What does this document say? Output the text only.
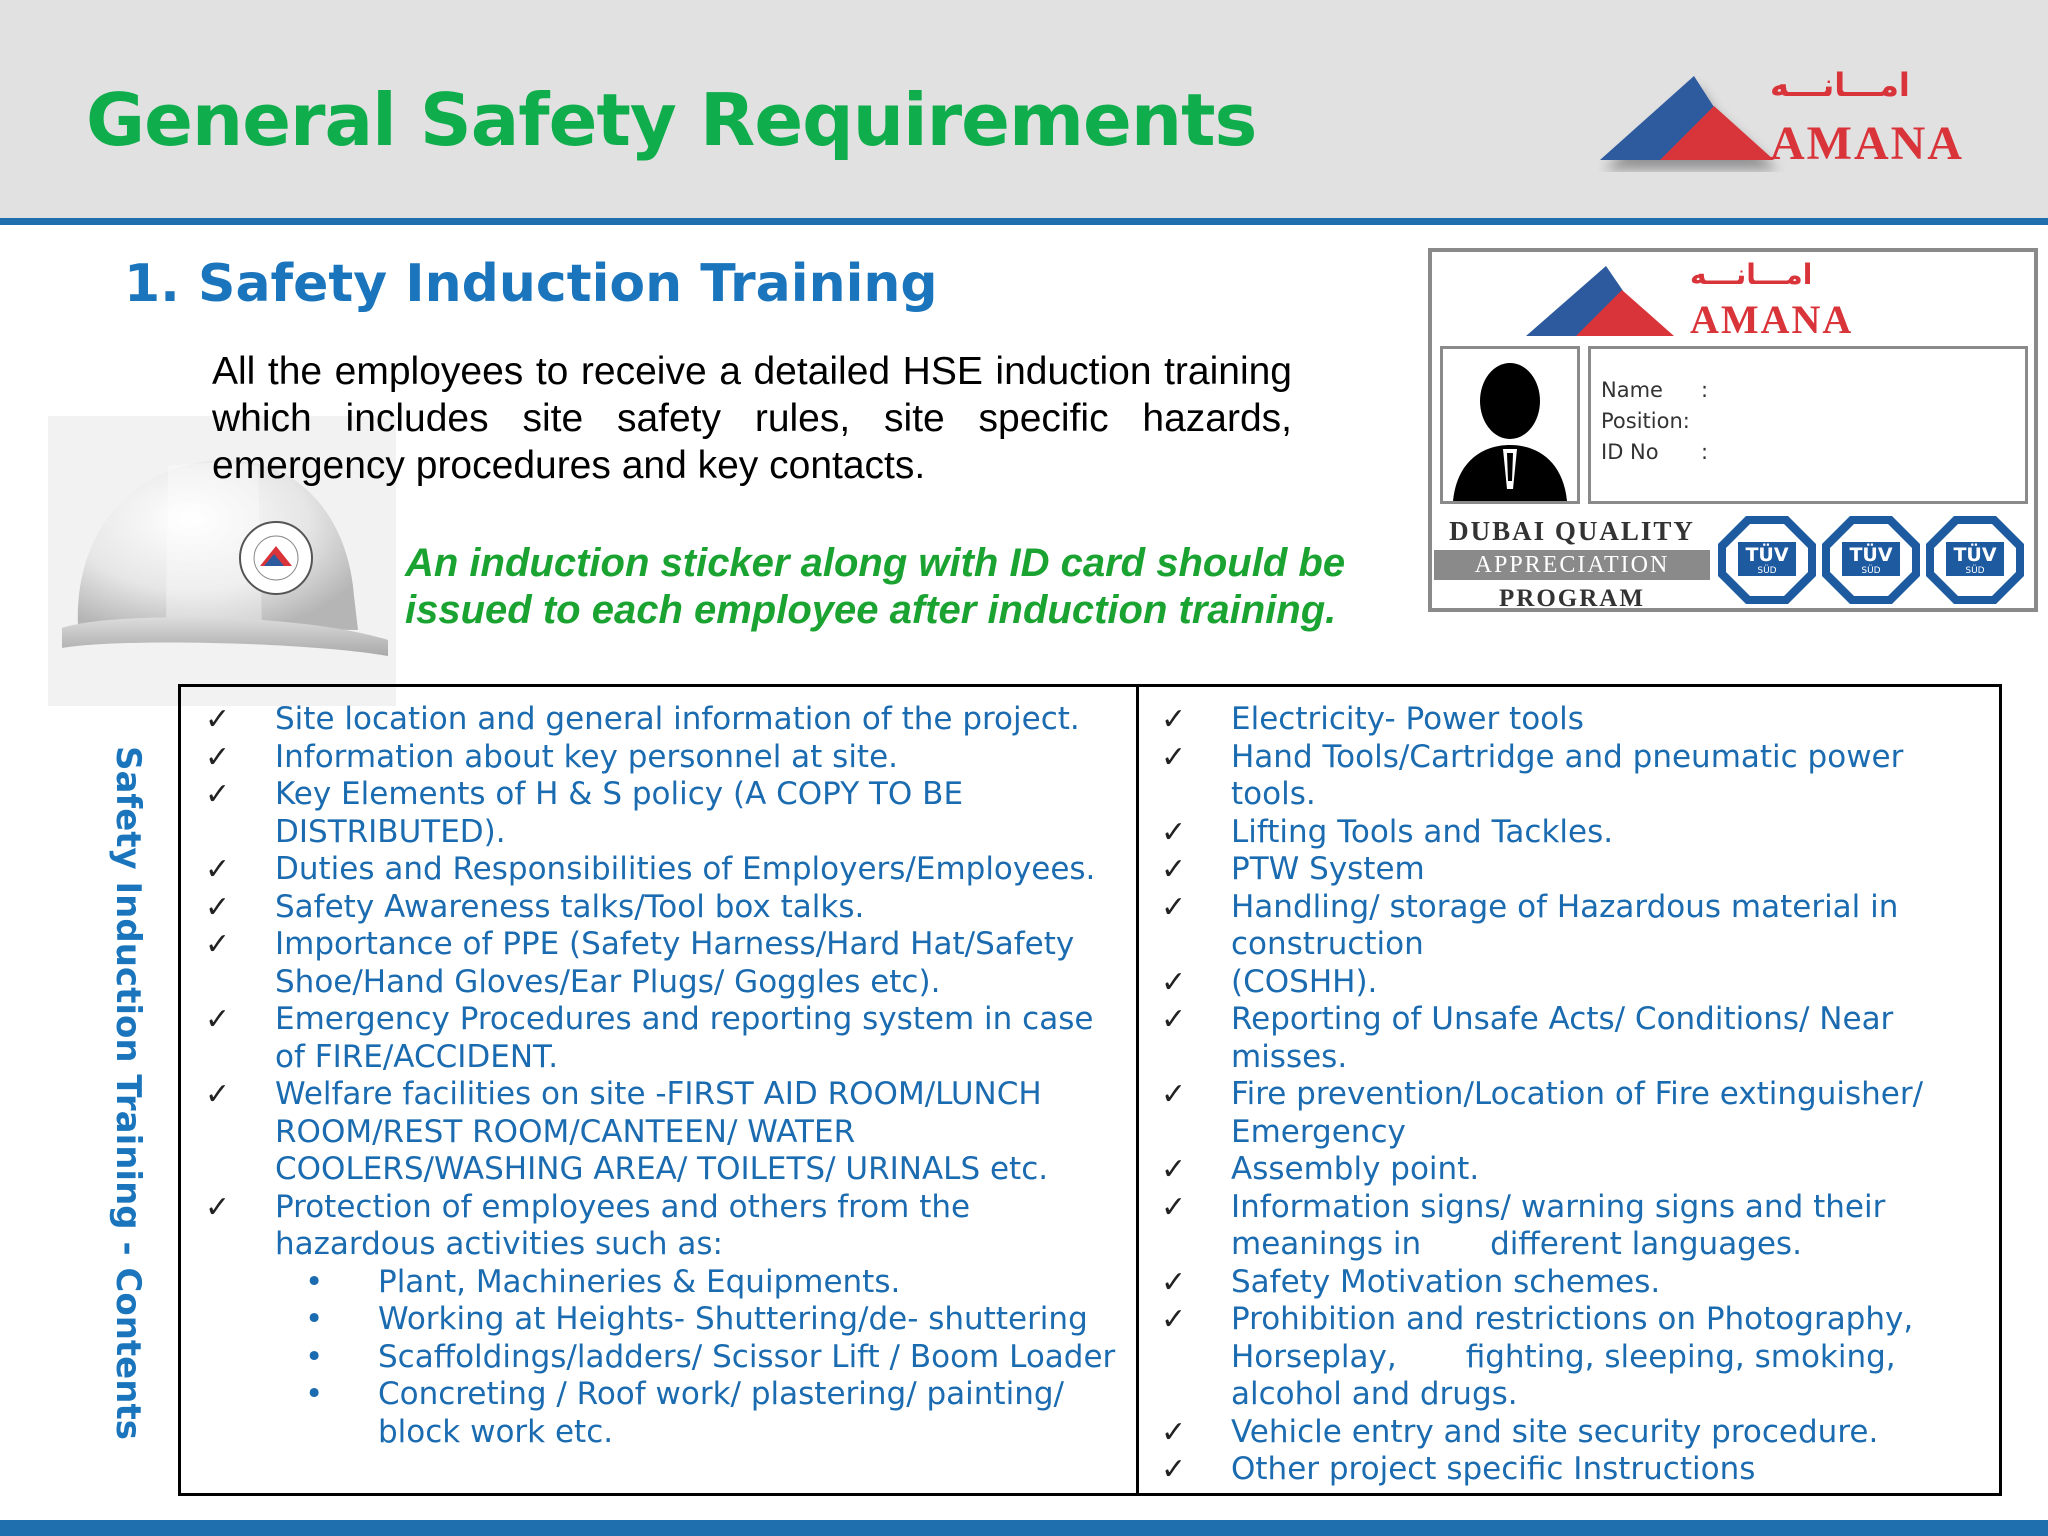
General Safety Requirements	امـــانـــه
AMANA
1. Safety Induction Training
All the employees to receive a detailed HSE induction training which includes site safety rules, site specific hazards, emergency procedures and key contacts.
An induction sticker along with ID card should be
issued to each employee after induction training.
امـــانـــه
AMANA
Name :
Position:
ID No :
DUBAI QUALITY
APPRECIATION
PROGRAM
TÜV
SÜD
TÜV
SÜD
TÜV
SÜD
Safety Induction Training - Contents
✓ Site location and general information of the project.
✓ Information about key personnel at site.
✓ Key Elements of H & S policy (A COPY TO BE DISTRIBUTED).
✓ Duties and Responsibilities of Employers/Employees.
✓ Safety Awareness talks/Tool box talks.
✓ Importance of PPE (Safety Harness/Hard Hat/Safety Shoe/Hand Gloves/Ear Plugs/ Goggles etc).
✓ Emergency Procedures and reporting system in case of FIRE/ACCIDENT.
✓ Welfare facilities on site -FIRST AID ROOM/LUNCH ROOM/REST ROOM/CANTEEN/ WATER COOLERS/WASHING AREA/ TOILETS/ URINALS etc.
✓ Protection of employees and others from the hazardous activities such as:
• Plant, Machineries & Equipments.
• Working at Heights- Shuttering/de- shuttering
• Scaffoldings/ladders/ Scissor Lift / Boom Loader
• Concreting / Roof work/ plastering/ painting/ block work etc.
✓ Electricity- Power tools
✓ Hand Tools/Cartridge and pneumatic power tools.
✓ Lifting Tools and Tackles.
✓ PTW System
✓ Handling/ storage of Hazardous material in construction
✓ (COSHH).
✓ Reporting of Unsafe Acts/ Conditions/ Near misses.
✓ Fire prevention/Location of Fire extinguisher/ Emergency
✓ Assembly point.
✓ Information signs/ warning signs and their meanings in       different languages.
✓ Safety Motivation schemes.
✓ Prohibition and restrictions on Photography, Horseplay,       fighting, sleeping, smoking, alcohol and drugs.
✓ Vehicle entry and site security procedure.
✓ Other project specific Instructions
